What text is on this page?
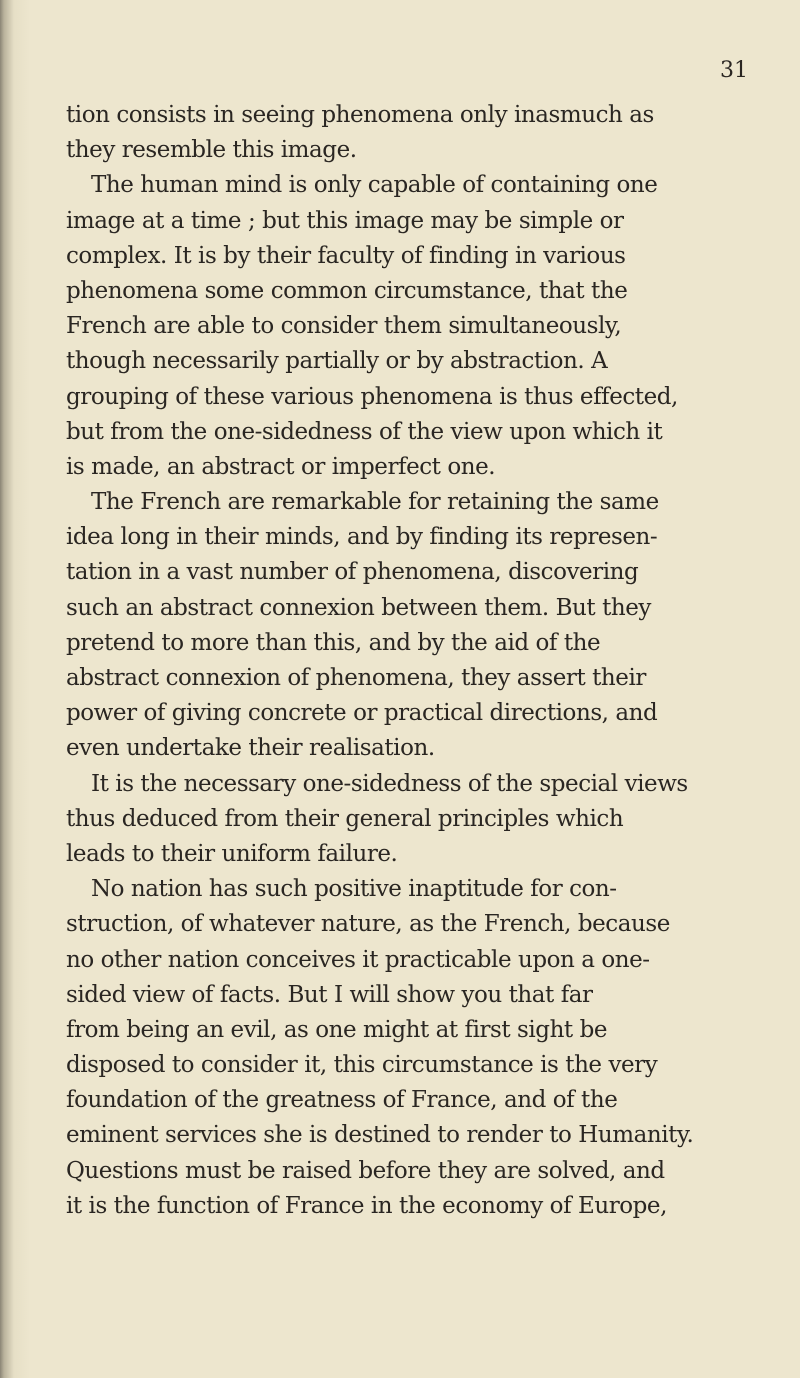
31
tion consists in seeing phenomena only inasmuch as
they resemble this image.
The human mind is only capable of containing one
image at a time ; but this image may be simple or
complex. It is by their faculty of finding in various
phenomena some common circumstance, that the
French are able to consider them simultaneously,
though necessarily partially or by abstraction. A
grouping of these various phenomena is thus effected,
but from the one-sidedness of the view upon which it
is made, an abstract or imperfect one.
The French are remarkable for retaining the same
idea long in their minds, and by finding its represen-
tation in a vast number of phenomena, discovering
such an abstract connexion between them. But they
pretend to more than this, and by the aid of the
abstract connexion of phenomena, they assert their
power of giving concrete or practical directions, and
even undertake their realisation.
It is the necessary one-sidedness of the special views
thus deduced from their general principles which
leads to their uniform failure.
No nation has such positive inaptitude for con-
struction, of whatever nature, as the French, because
no other nation conceives it practicable upon a one-
sided view of facts. But I will show you that far
from being an evil, as one might at first sight be
disposed to consider it, this circumstance is the very
foundation of the greatness of France, and of the
eminent services she is destined to render to Humanity.
Questions must be raised before they are solved, and
it is the function of France in the economy of Europe,
